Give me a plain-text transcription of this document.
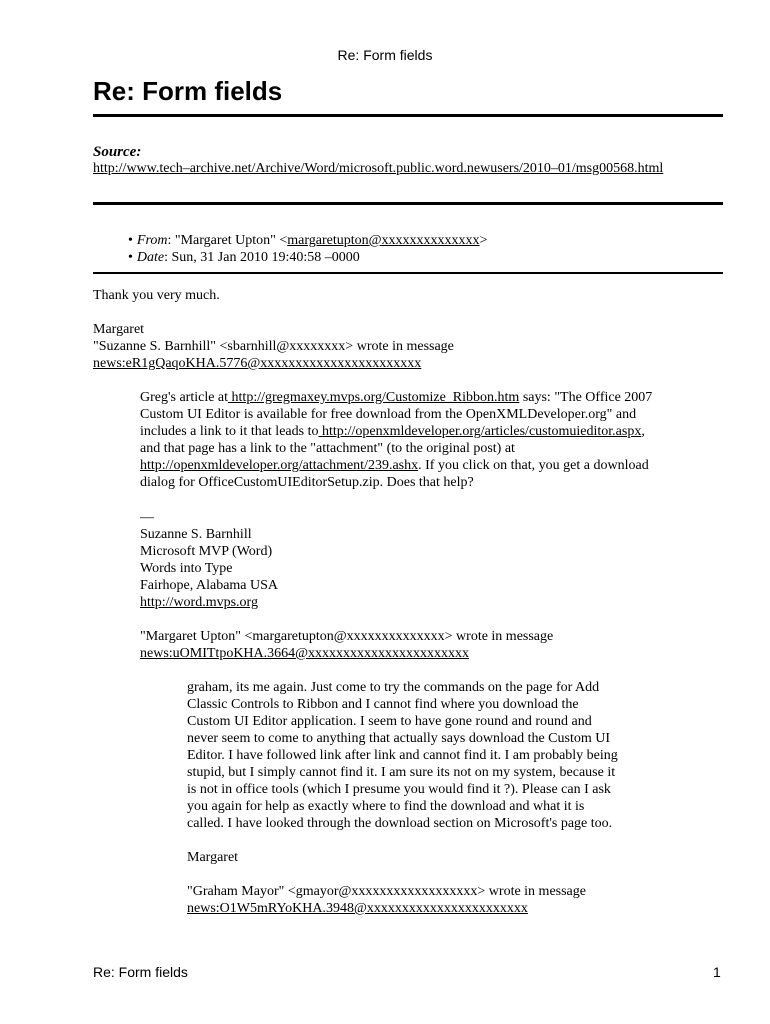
Re: Form fields
Re: Form fields
Source:
http://www.tech–archive.net/Archive/Word/microsoft.public.word.newusers/2010–01/msg00568.html
• From: "Margaret Upton" <margaretupton@xxxxxxxxxxxxxx>
• Date: Sun, 31 Jan 2010 19:40:58 –0000
Thank you very much.
Margaret
"Suzanne S. Barnhill" <sbarnhill@xxxxxxxx> wrote in message
news:eR1gQaqoKHA.5776@xxxxxxxxxxxxxxxxxxxxxxx
Greg's article at http://gregmaxey.mvps.org/Customize_Ribbon.htm says: "The Office 2007
Custom UI Editor is available for free download from the OpenXMLDeveloper.org" and
includes a link to it that leads to http://openxmldeveloper.org/articles/customuieditor.aspx,
and that page has a link to the "attachment" (to the original post) at
http://openxmldeveloper.org/attachment/239.ashx. If you click on that, you get a download
dialog for OfficeCustomUIEditorSetup.zip. Does that help?
––
Suzanne S. Barnhill
Microsoft MVP (Word)
Words into Type
Fairhope, Alabama USA
http://word.mvps.org
"Margaret Upton" <margaretupton@xxxxxxxxxxxxxx> wrote in message
news:uOMITtpoKHA.3664@xxxxxxxxxxxxxxxxxxxxxxx
graham, its me again. Just come to try the commands on the page for Add
Classic Controls to Ribbon and I cannot find where you download the
Custom UI Editor application. I seem to have gone round and round and
never seem to come to anything that actually says download the Custom UI
Editor. I have followed link after link and cannot find it. I am probably being
stupid, but I simply cannot find it. I am sure its not on my system, because it
is not in office tools (which I presume you would find it ?). Please can I ask
you again for help as exactly where to find the download and what it is
called. I have looked through the download section on Microsoft's page too.
Margaret
"Graham Mayor" <gmayor@xxxxxxxxxxxxxxxxxx> wrote in message
news:O1W5mRYoKHA.3948@xxxxxxxxxxxxxxxxxxxxxxx
Re: Form fields	1
